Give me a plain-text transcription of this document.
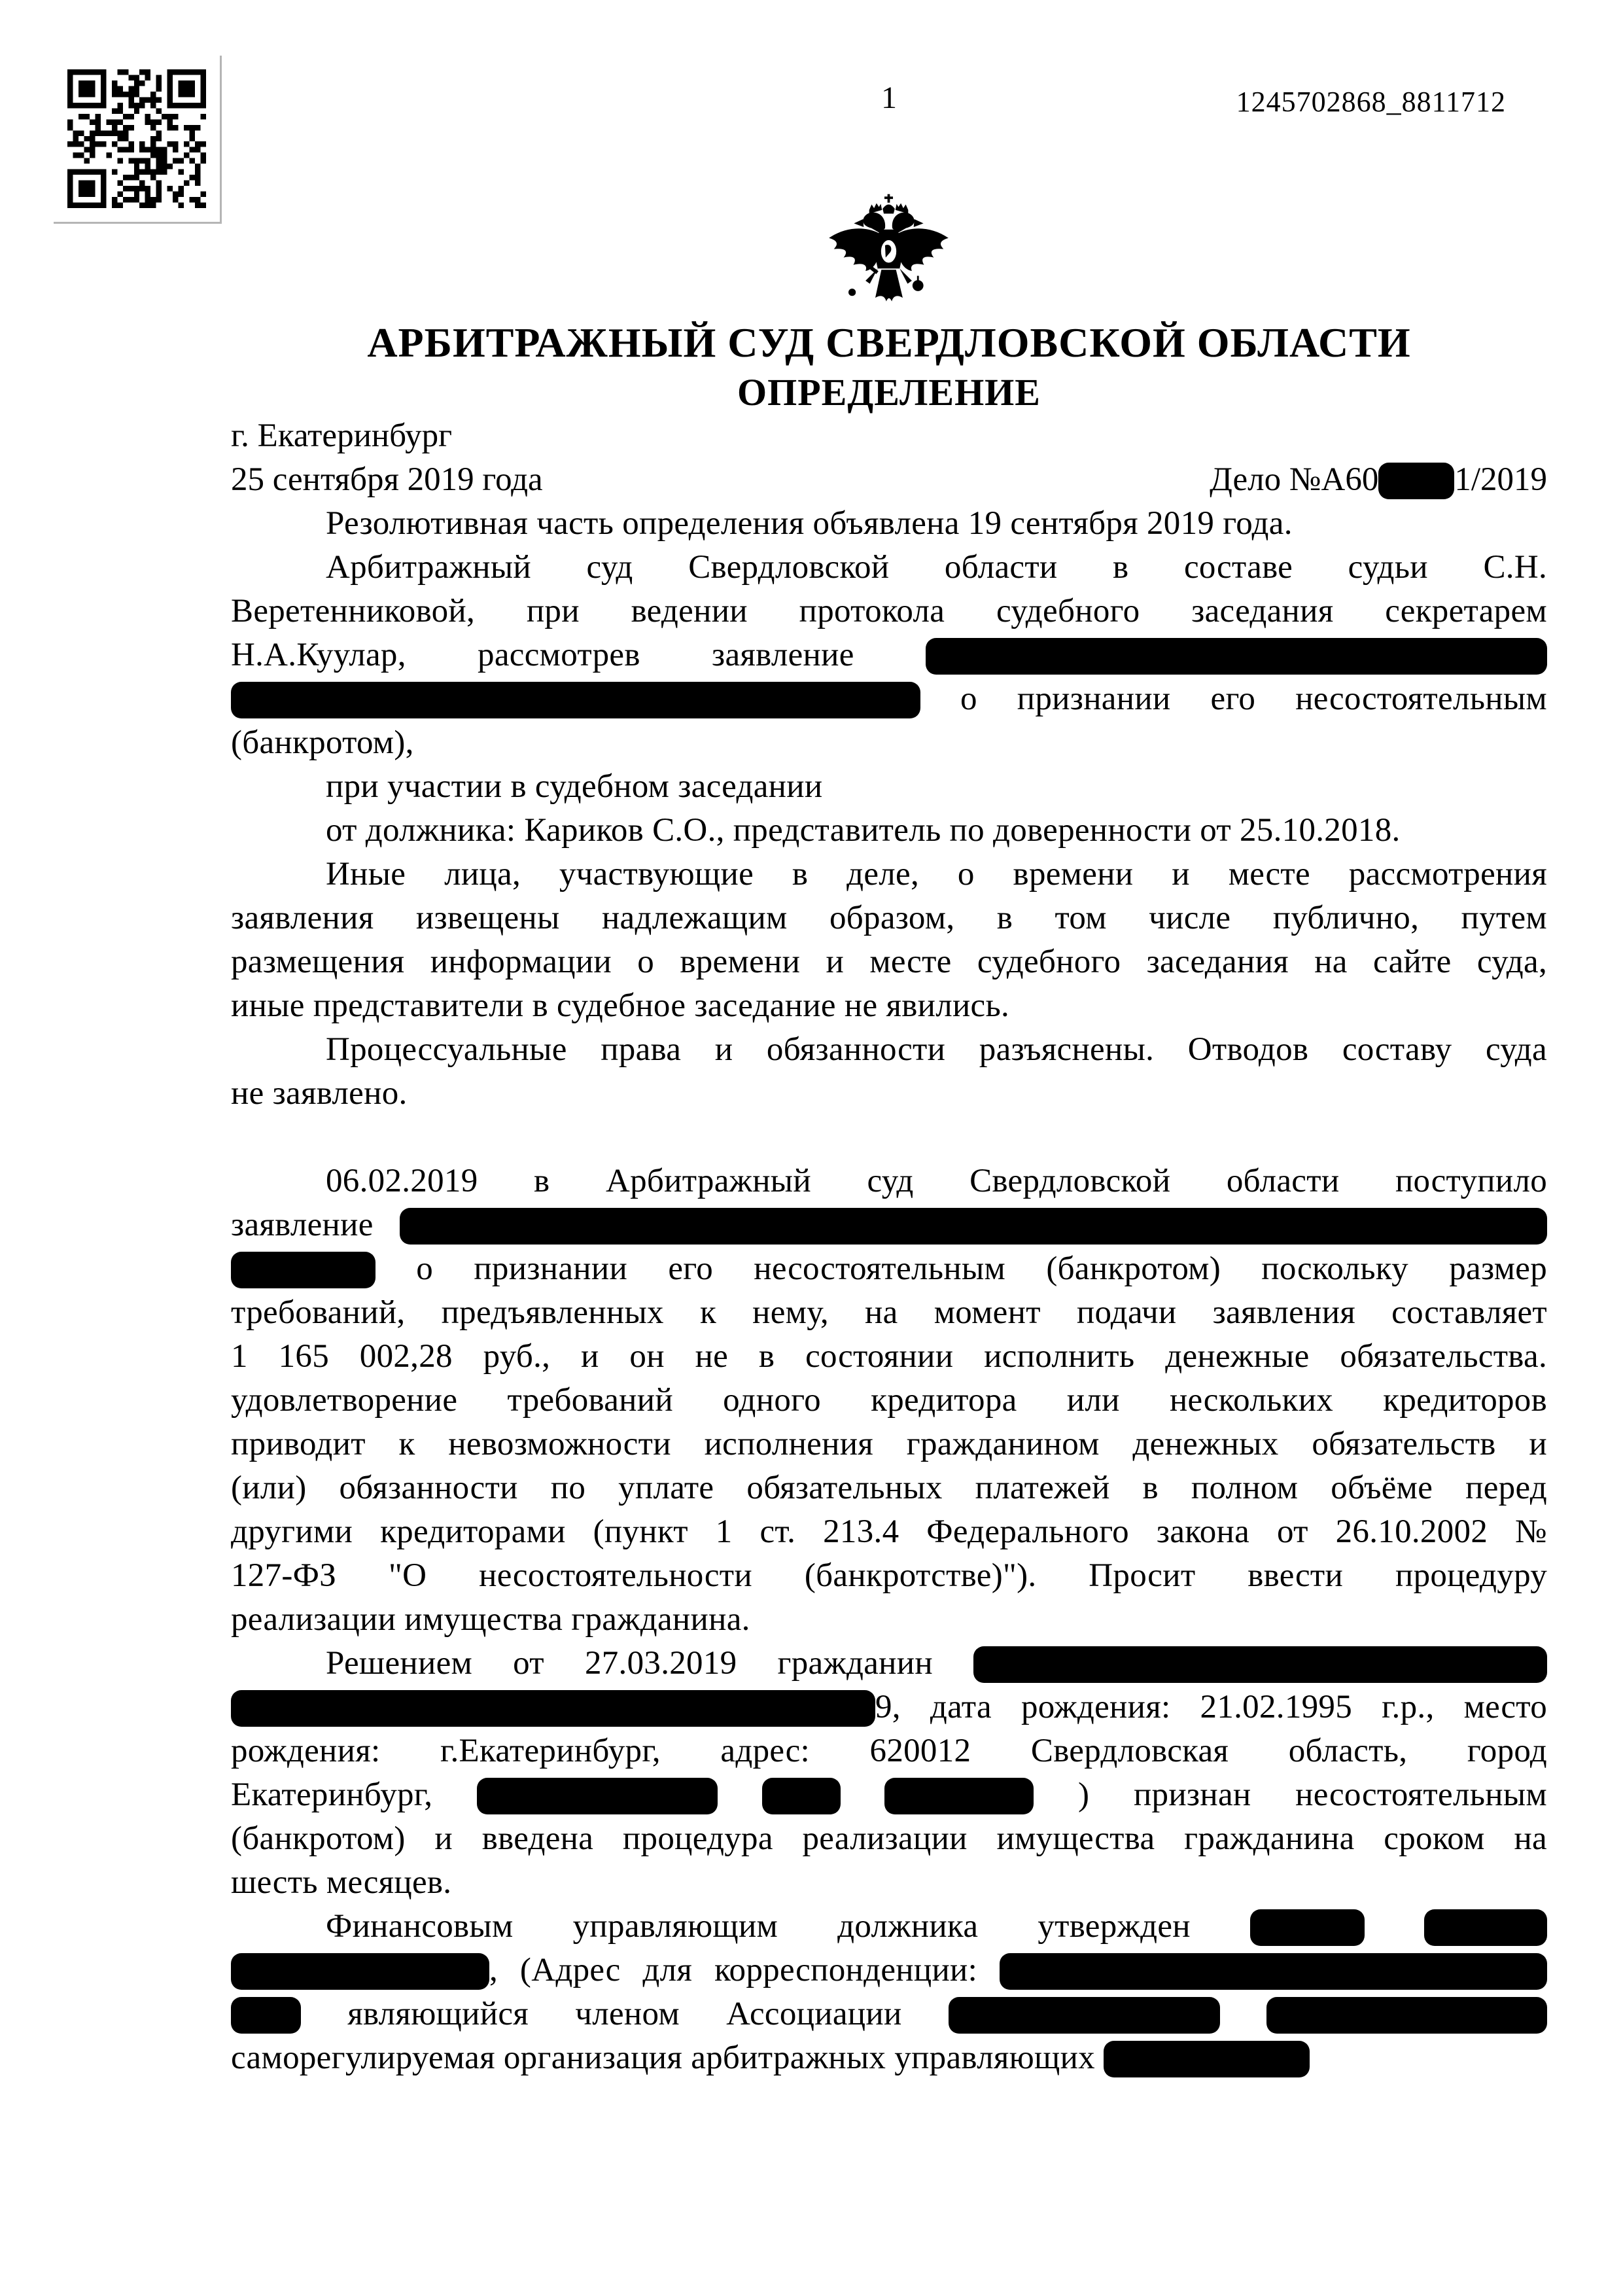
1	1245702868_8811712
АРБИТРАЖНЫЙ СУД СВЕРДЛОВСКОЙ ОБЛАСТИ
ОПРЕДЕЛЕНИЕ
г. Екатеринбург
25 сентября 2019 года	Дело №А60 1/2019
Резолютивная часть определения объявлена 19 сентября 2019 года.
Арбитражный суд Свердловской области в составе судьи С.Н.
Веретенниковой, при ведении протокола судебного заседания секретарем
Н.А.Куулар, рассмотрев заявление
о признании его несостоятельным
(банкротом),
при участии в судебном заседании
от должника: Кариков С.О., представитель по доверенности от 25.10.2018.
Иные лица, участвующие в деле, о времени и месте рассмотрения
заявления извещены надлежащим образом, в том числе публично, путем
размещения информации о времени и месте судебного заседания на сайте суда,
иные представители в судебное заседание не явились.
Процессуальные права и обязанности разъяснены. Отводов составу суда
не заявлено.
06.02.2019 в Арбитражный суд Свердловской области поступило
заявление
о признании его несостоятельным (банкротом) поскольку размер
требований, предъявленных к нему, на момент подачи заявления составляет
1 165 002,28 руб., и он не в состоянии исполнить денежные обязательства.
удовлетворение требований одного кредитора или нескольких кредиторов
приводит к невозможности исполнения гражданином денежных обязательств и
(или) обязанности по уплате обязательных платежей в полном объёме перед
другими кредиторами (пункт 1 ст. 213.4 Федерального закона от 26.10.2002 №
127-ФЗ "О несостоятельности (банкротстве)"). Просит ввести процедуру
реализации имущества гражданина.
Решением от 27.03.2019 гражданин
9, дата рождения: 21.02.1995 г.р., место
рождения: г.Екатеринбург, адрес: 620012 Свердловская область, город
Екатеринбург,	) признан несостоятельным
(банкротом) и введена процедура реализации имущества гражданина сроком на
шесть месяцев.
Финансовым управляющим должника утвержден
, (Адрес для корреспонденции:
являющийся членом Ассоциации
саморегулируемая организация арбитражных управляющих
